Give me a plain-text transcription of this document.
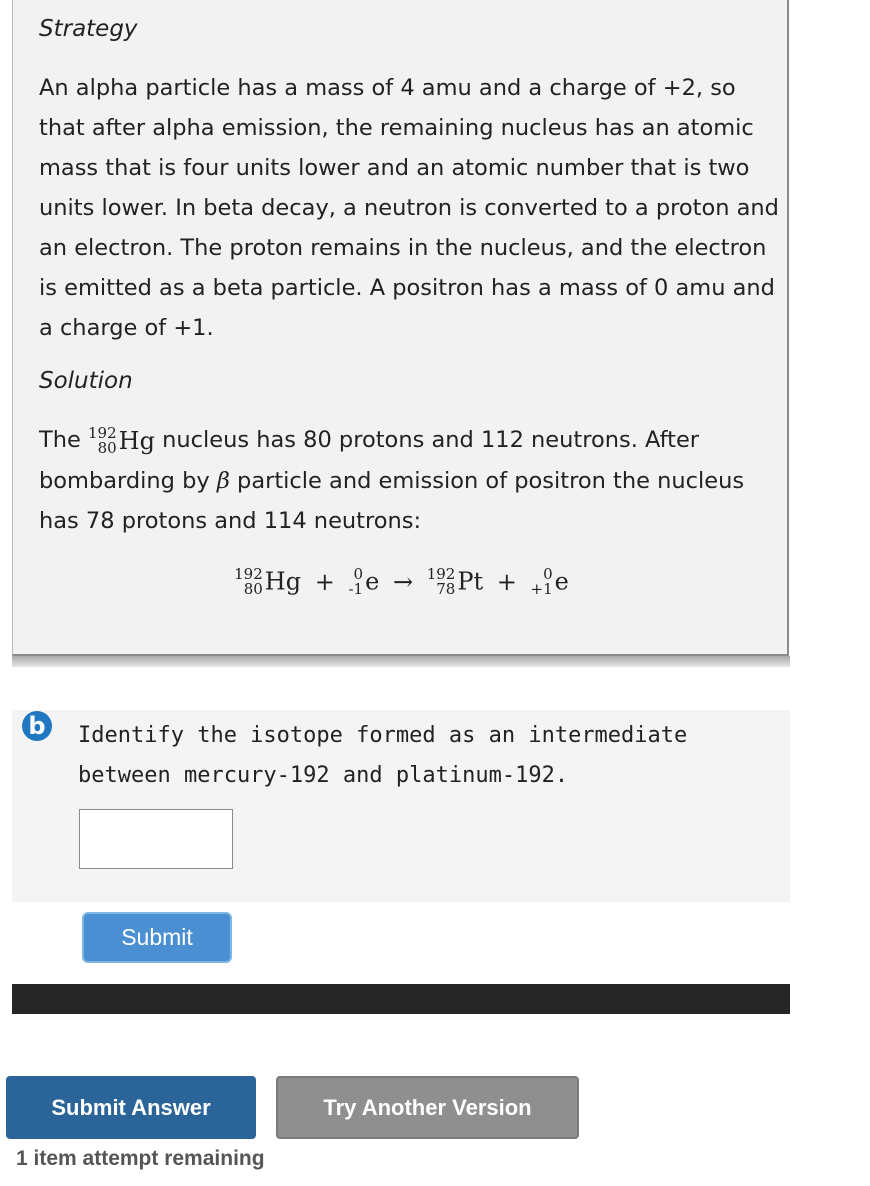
Strategy

An alpha particle has a mass of 4 amu and a charge of +2, so that after alpha emission, the remaining nucleus has an atomic mass that is four units lower and an atomic number that is two units lower. In beta decay, a neutron is converted to a proton and an electron. The proton remains in the nucleus, and the electron is emitted as a beta particle. A positron has a mass of 0 amu and a charge of +1.

Solution

The 192
80 Hg nucleus has 80 protons and 112 neutrons. After bombarding by β particle and emission of positron the nucleus has 78 protons and 114 neutrons:

192
80 Hg + 0
-1 e → 192
78 Pt + 0
+1 e
b Identify the isotope formed as an intermediate between mercury-192 and platinum-192.
Submit
Submit Answer	Try Another Version
1 item attempt remaining
